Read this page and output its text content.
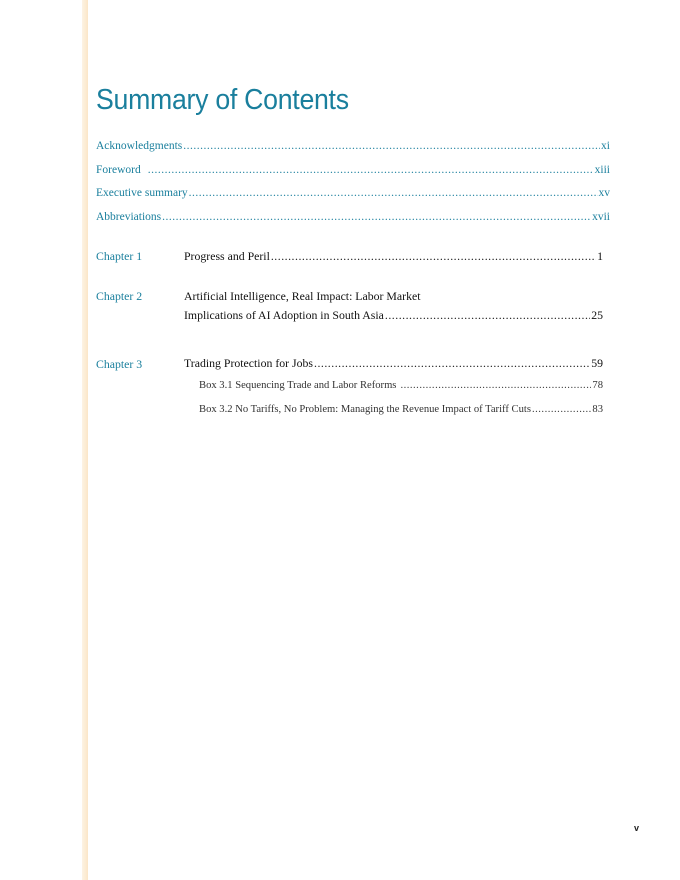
Summary of Contents
Acknowledgments .....	xi
Foreword .....	xiii
Executive summary .....	xv
Abbreviations .....	xvii
Chapter 1	Progress and Peril .....	1
Chapter 2	Artificial Intelligence, Real Impact: Labor Market
Implications of AI Adoption in South Asia .....	25
Chapter 3	Trading Protection for Jobs .....	59
Box 3.1 Sequencing Trade and Labor Reforms .....	78
Box 3.2 No Tariffs, No Problem: Managing the Revenue Impact of Tariff Cuts .....	83
v
